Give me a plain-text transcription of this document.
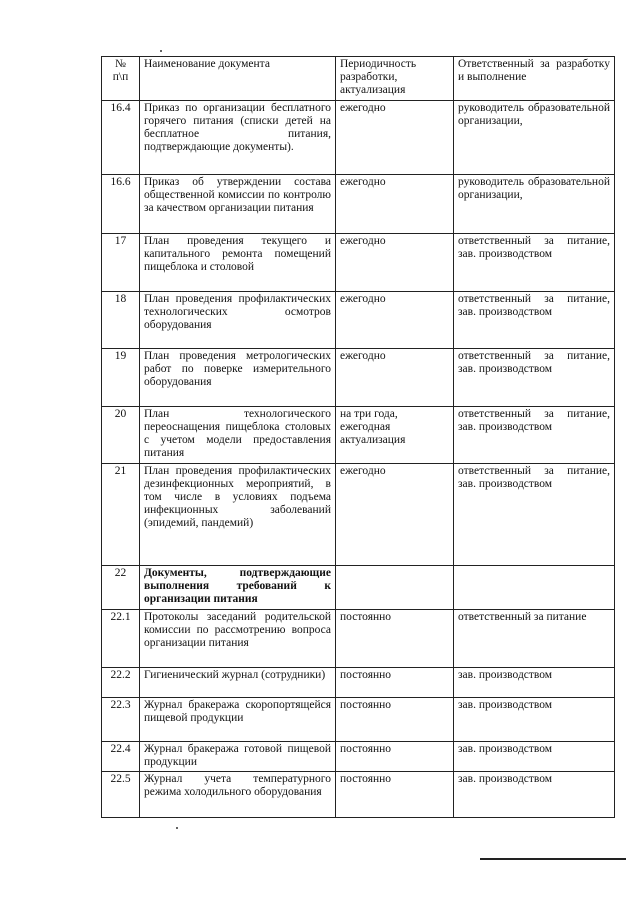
№ п\п	Наименование документа	Периодичность разработки, актуализация	Ответственный за разработку и выполнение
16.4	Приказ по организации бесплатного горячего питания (списки детей на бесплатное питания, подтверждающие документы).	ежегодно	руководитель образовательной организации,
16.6	Приказ об утверждении состава общественной комиссии по контролю за качеством организации питания	ежегодно	руководитель образовательной организации,
17	План проведения текущего и капитального ремонта помещений пищеблока и столовой	ежегодно	ответственный за питание, зав. производством
18	План проведения профилактических технологических осмотров оборудования	ежегодно	ответственный за питание, зав. производством
19	План проведения метрологических работ по поверке измерительного оборудования	ежегодно	ответственный за питание, зав. производством
20	План технологического переоснащения пищеблока столовых с учетом модели предоставления питания	на три года, ежегодная актуализация	ответственный за питание, зав. производством
21	План проведения профилактических дезинфекционных мероприятий, в том числе в условиях подъема инфекционных заболеваний (эпидемий, пандемий)	ежегодно	ответственный за питание, зав. производством
22	Документы, подтверждающие выполнения требований к организации питания		
22.1	Протоколы заседаний родительской комиссии по рассмотрению вопроса организации питания	постоянно	ответственный за питание
22.2	Гигиенический журнал (сотрудники)	постоянно	зав. производством
22.3	Журнал бракеража скоропортящейся пищевой продукции	постоянно	зав. производством
22.4	Журнал бракеража готовой пищевой продукции	постоянно	зав. производством
22.5	Журнал учета температурного режима холодильного оборудования	постоянно	зав. производством
